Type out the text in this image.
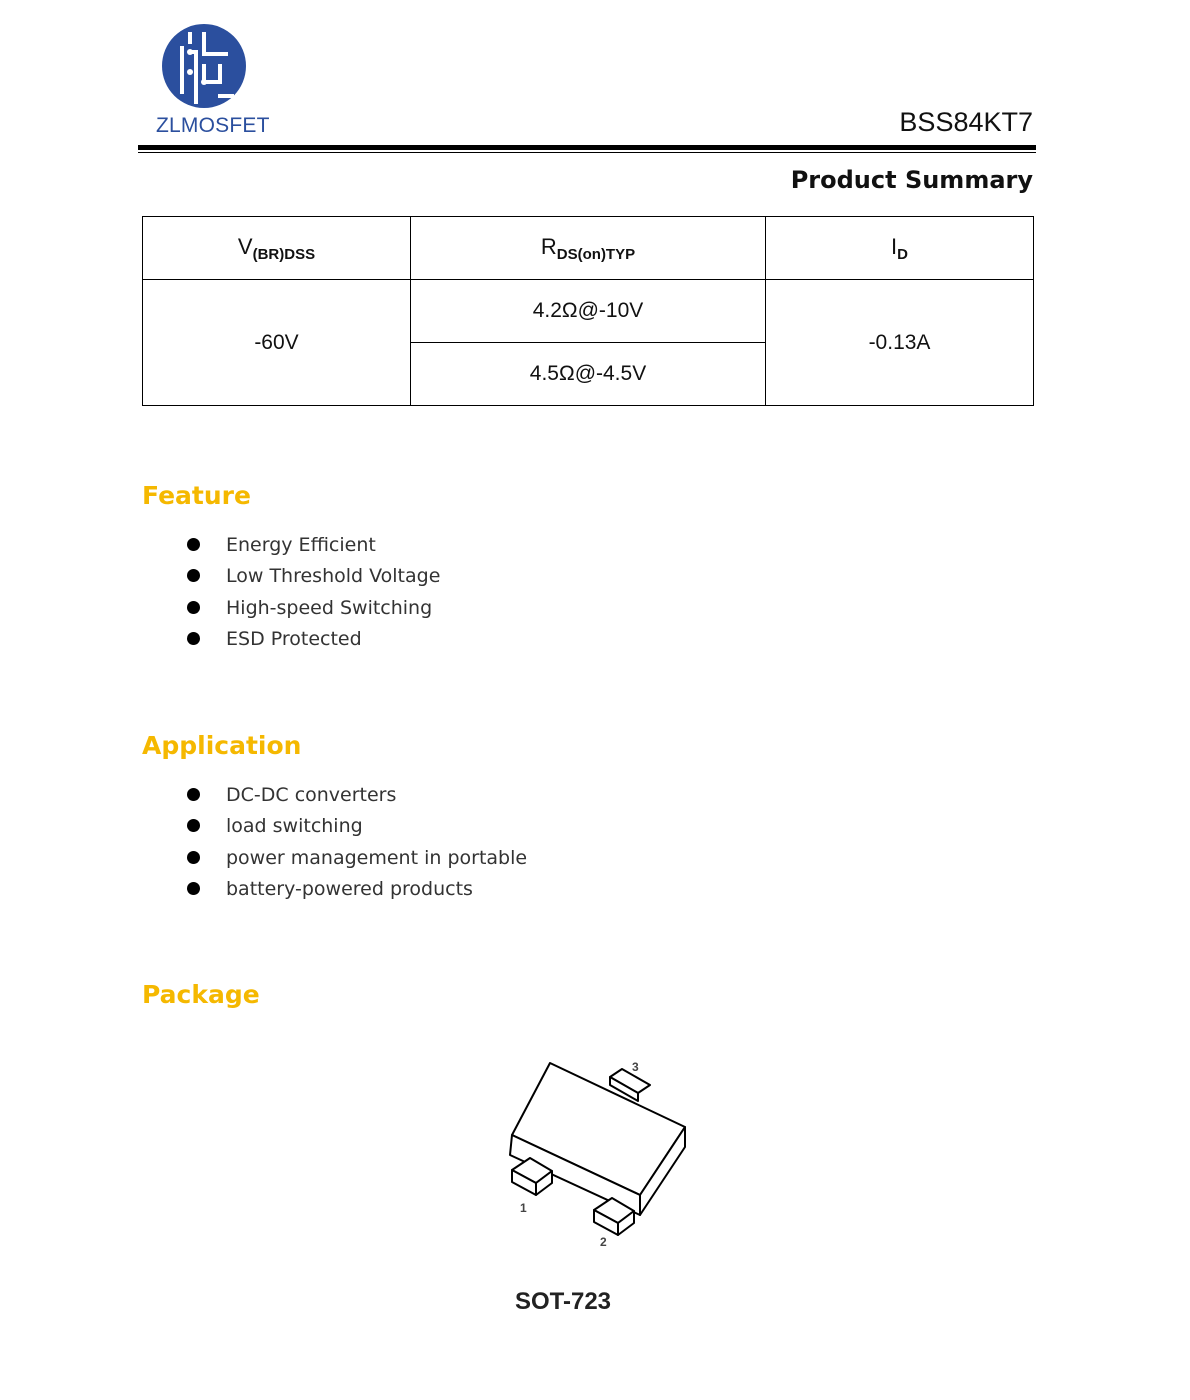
ZLMOSFET	BSS84KT7
Product Summary
$V_{(BR)DSS}$	$R_{DS(on)TYP}$	$I_D$
-60V	4.2Ω@-10V	-0.13A
	4.5Ω@-4.5V	
Feature
Energy Efficient
Low Threshold Voltage
High-speed Switching
ESD Protected
Application
DC-DC converters
load switching
power management in portable
battery-powered products
Package
3
1
2
SOT-723
